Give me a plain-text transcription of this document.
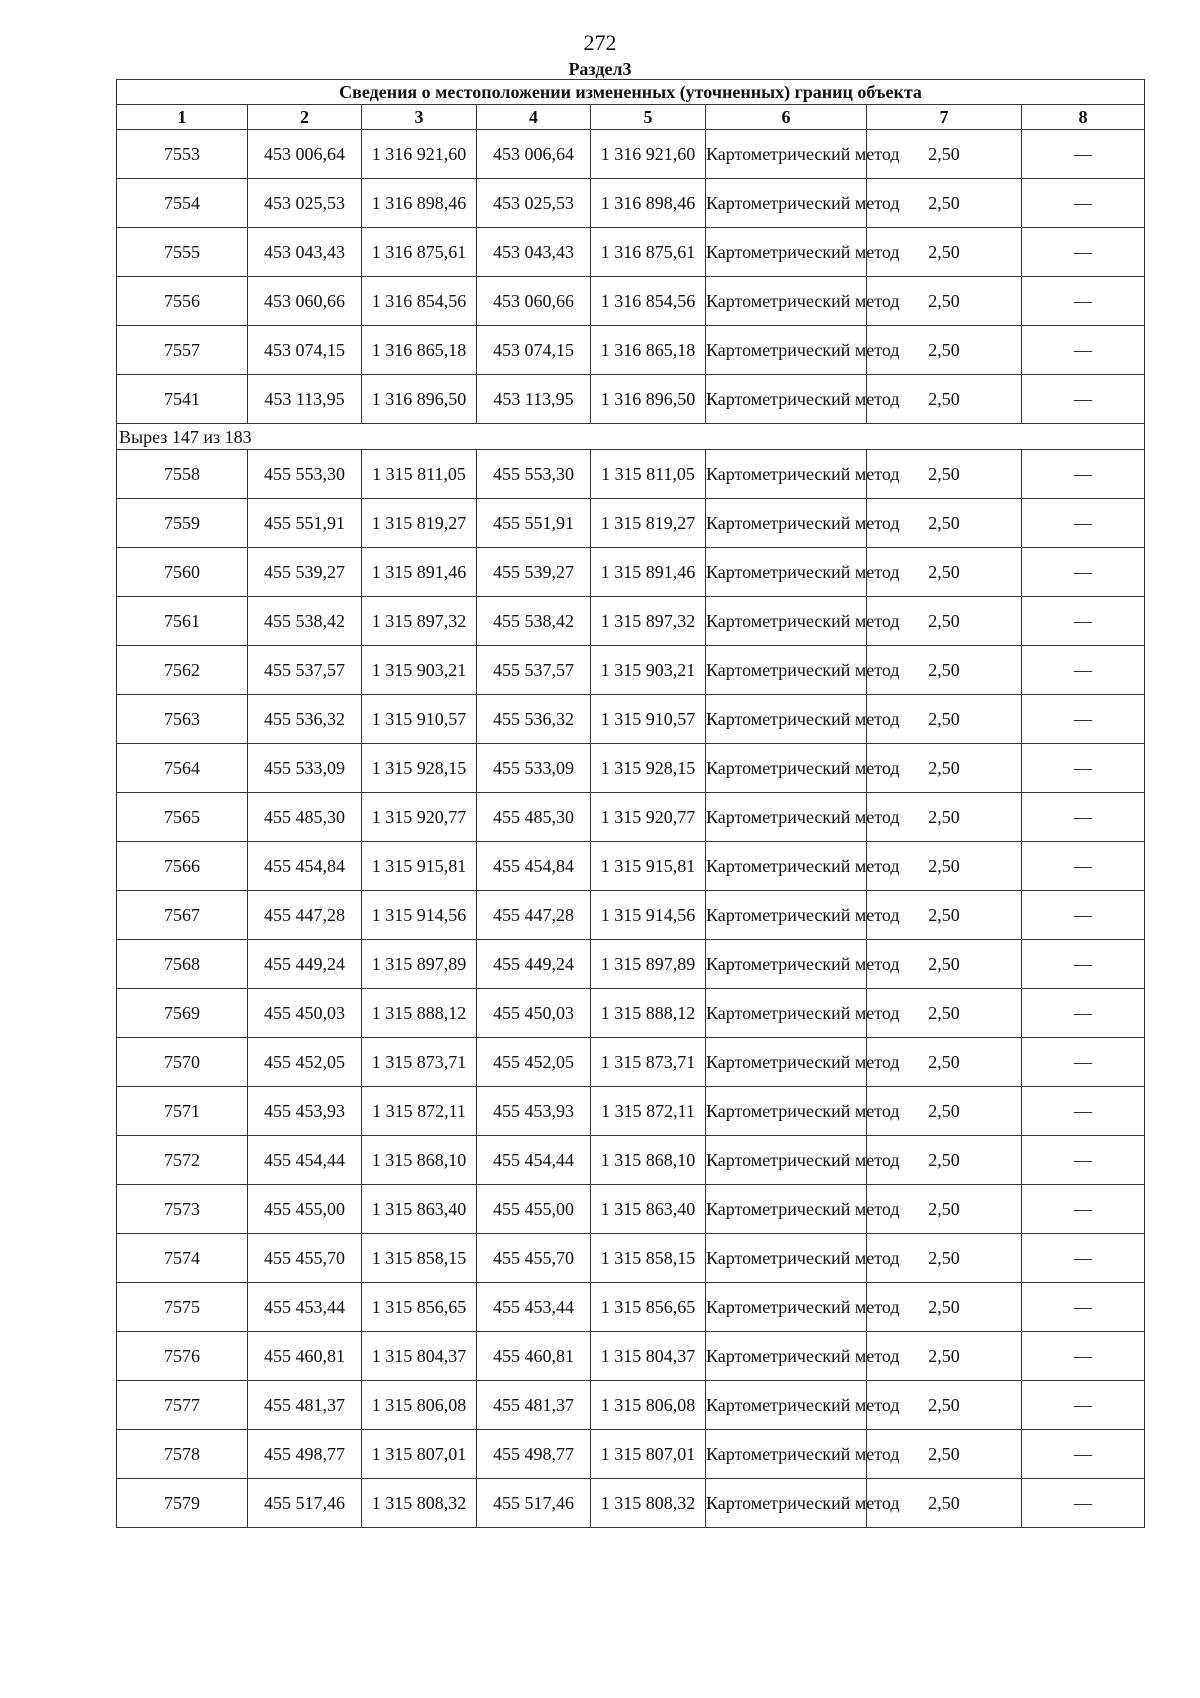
272
Раздел3
Сведения о местоположении измененных (уточненных) границ объекта							
1	2	3	4	5	6	7	8
7553	453 006,64	1 316 921,60	453 006,64	1 316 921,60	Картометрический метод	2,50	—
7554	453 025,53	1 316 898,46	453 025,53	1 316 898,46	Картометрический метод	2,50	—
7555	453 043,43	1 316 875,61	453 043,43	1 316 875,61	Картометрический метод	2,50	—
7556	453 060,66	1 316 854,56	453 060,66	1 316 854,56	Картометрический метод	2,50	—
7557	453 074,15	1 316 865,18	453 074,15	1 316 865,18	Картометрический метод	2,50	—
7541	453 113,95	1 316 896,50	453 113,95	1 316 896,50	Картометрический метод	2,50	—
Вырез 147 из 183							
7558	455 553,30	1 315 811,05	455 553,30	1 315 811,05	Картометрический метод	2,50	—
7559	455 551,91	1 315 819,27	455 551,91	1 315 819,27	Картометрический метод	2,50	—
7560	455 539,27	1 315 891,46	455 539,27	1 315 891,46	Картометрический метод	2,50	—
7561	455 538,42	1 315 897,32	455 538,42	1 315 897,32	Картометрический метод	2,50	—
7562	455 537,57	1 315 903,21	455 537,57	1 315 903,21	Картометрический метод	2,50	—
7563	455 536,32	1 315 910,57	455 536,32	1 315 910,57	Картометрический метод	2,50	—
7564	455 533,09	1 315 928,15	455 533,09	1 315 928,15	Картометрический метод	2,50	—
7565	455 485,30	1 315 920,77	455 485,30	1 315 920,77	Картометрический метод	2,50	—
7566	455 454,84	1 315 915,81	455 454,84	1 315 915,81	Картометрический метод	2,50	—
7567	455 447,28	1 315 914,56	455 447,28	1 315 914,56	Картометрический метод	2,50	—
7568	455 449,24	1 315 897,89	455 449,24	1 315 897,89	Картометрический метод	2,50	—
7569	455 450,03	1 315 888,12	455 450,03	1 315 888,12	Картометрический метод	2,50	—
7570	455 452,05	1 315 873,71	455 452,05	1 315 873,71	Картометрический метод	2,50	—
7571	455 453,93	1 315 872,11	455 453,93	1 315 872,11	Картометрический метод	2,50	—
7572	455 454,44	1 315 868,10	455 454,44	1 315 868,10	Картометрический метод	2,50	—
7573	455 455,00	1 315 863,40	455 455,00	1 315 863,40	Картометрический метод	2,50	—
7574	455 455,70	1 315 858,15	455 455,70	1 315 858,15	Картометрический метод	2,50	—
7575	455 453,44	1 315 856,65	455 453,44	1 315 856,65	Картометрический метод	2,50	—
7576	455 460,81	1 315 804,37	455 460,81	1 315 804,37	Картометрический метод	2,50	—
7577	455 481,37	1 315 806,08	455 481,37	1 315 806,08	Картометрический метод	2,50	—
7578	455 498,77	1 315 807,01	455 498,77	1 315 807,01	Картометрический метод	2,50	—
7579	455 517,46	1 315 808,32	455 517,46	1 315 808,32	Картометрический метод	2,50	—
